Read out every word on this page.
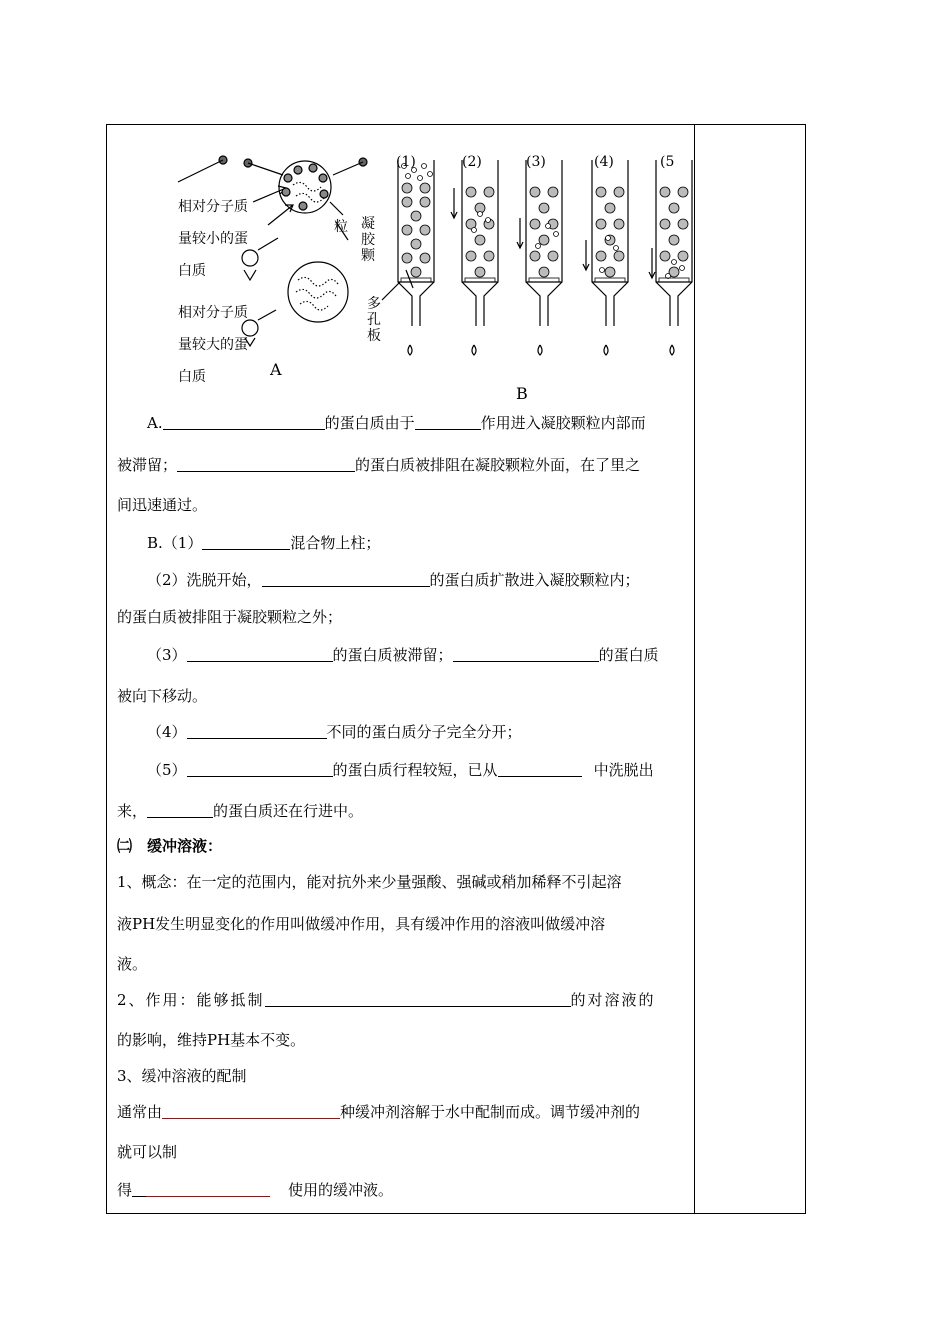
(1)	(2)	(3)	(4)	(5
相对分子质
量较小的蛋
白质
相对分子质
量较大的蛋
白质	A
B
凝胶颗
粒
多孔板
A.	的蛋白质由于	作用进入凝胶颗粒内部而
被滞留；	的蛋白质被排阻在凝胶颗粒外面，在了里之
间迅速通过。
B.（1）	混合物上柱；
（2）洗脱开始，	的蛋白质扩散进入凝胶颗粒内；
的蛋白质被排阻于凝胶颗粒之外；
（3）	的蛋白质被滞留；	的蛋白质
被向下移动。
（4）	不同的蛋白质分子完全分开；
（5）	的蛋白质行程较短，已从	中洗脱出
来，	的蛋白质还在行进中。
㈡　缓冲溶液：
1、概念：在一定的范围内，能对抗外来少量强酸、强碱或稍加稀释不引起溶
液PH发生明显变化的作用叫做缓冲作用，具有缓冲作用的溶液叫做缓冲溶
液。
2、作用：能够抵制	的对溶液的
的影响，维持PH基本不变。
3、缓冲溶液的配制
通常由	种缓冲剂溶解于水中配制而成。调节缓冲剂的
就可以制
得	使用的缓冲液。
